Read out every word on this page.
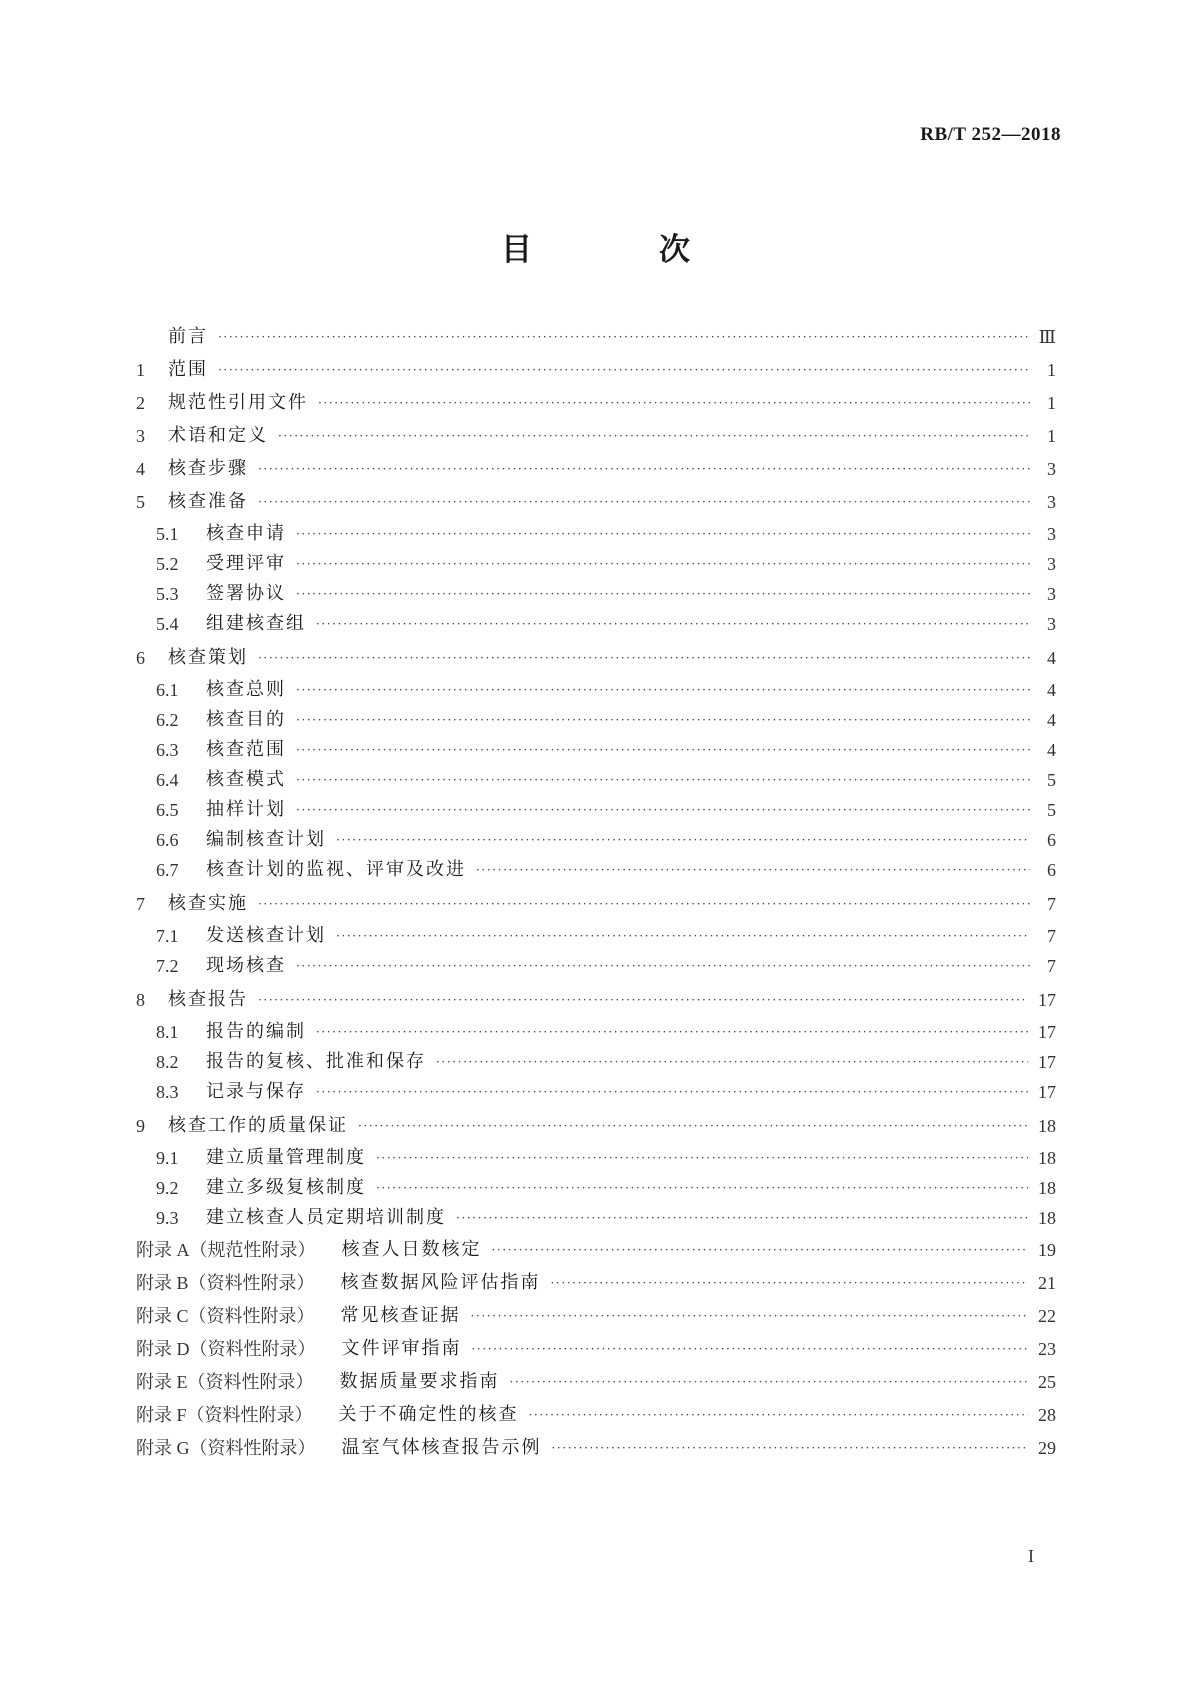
RB/T 252—2018
目　次
前言 ·····	Ⅲ
1	范围 ·····	1
2	规范性引用文件 ·····	1
3	术语和定义 ·····	1
4	核查步骤 ·····	3
5	核查准备 ·····	3
5.1	核查申请 ·····	3
5.2	受理评审 ·····	3
5.3	签署协议 ·····	3
5.4	组建核查组 ·····	3
6	核查策划 ·····	4
6.1	核查总则 ·····	4
6.2	核查目的 ·····	4
6.3	核查范围 ·····	4
6.4	核查模式 ·····	5
6.5	抽样计划 ·····	5
6.6	编制核查计划 ·····	6
6.7	核查计划的监视、评审及改进 ·····	6
7	核查实施 ·····	7
7.1	发送核查计划 ·····	7
7.2	现场核查 ·····	7
8	核查报告 ·····	17
8.1	报告的编制 ·····	17
8.2	报告的复核、批准和保存 ·····	17
8.3	记录与保存 ·····	17
9	核查工作的质量保证 ·····	18
9.1	建立质量管理制度 ·····	18
9.2	建立多级复核制度 ·····	18
9.3	建立核查人员定期培训制度 ·····	18
附录 A（规范性附录） 核查人日数核定 ·····	19
附录 B（资料性附录） 核查数据风险评估指南 ·····	21
附录 C（资料性附录） 常见核查证据 ·····	22
附录 D（资料性附录） 文件评审指南 ·····	23
附录 E（资料性附录） 数据质量要求指南 ·····	25
附录 F（资料性附录） 关于不确定性的核查 ·····	28
附录 G（资料性附录） 温室气体核查报告示例 ·····	29
I
